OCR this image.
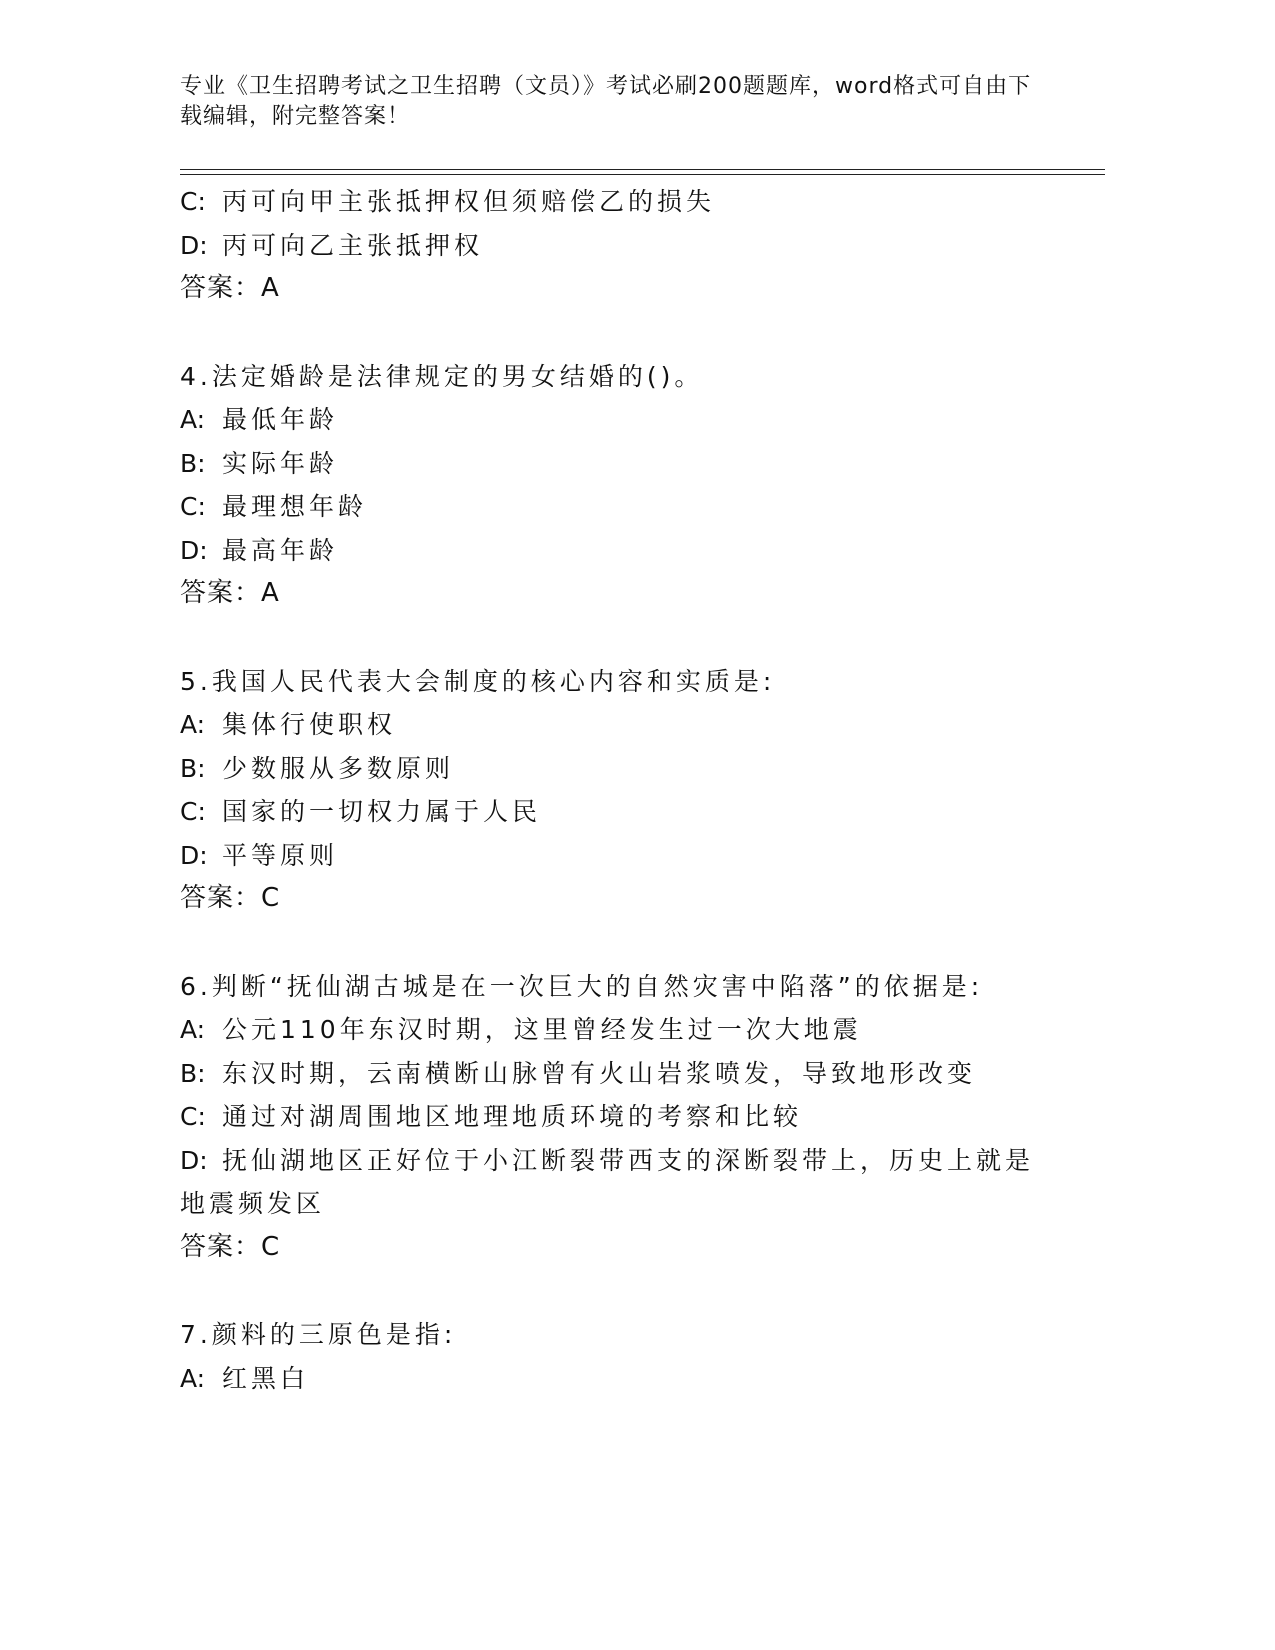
专业《卫生招聘考试之卫生招聘（文员）》考试必刷200题题库，word格式可自由下载编辑，附完整答案！

C: 丙可向甲主张抵押权但须赔偿乙的损失

D: 丙可向乙主张抵押权

答案：A

4.法定婚龄是法律规定的男女结婚的()。

A: 最低年龄

B: 实际年龄

C: 最理想年龄

D: 最高年龄

答案：A

5.我国人民代表大会制度的核心内容和实质是:

A: 集体行使职权

B: 少数服从多数原则

C: 国家的一切权力属于人民

D: 平等原则

答案：C

6.判断“抚仙湖古城是在一次巨大的自然灾害中陷落”的依据是:

A: 公元110年东汉时期，这里曾经发生过一次大地震

B: 东汉时期，云南横断山脉曾有火山岩浆喷发，导致地形改变

C: 通过对湖周围地区地理地质环境的考察和比较

D: 抚仙湖地区正好位于小江断裂带西支的深断裂带上，历史上就是地震频发区

答案：C

7.颜料的三原色是指:

A: 红黑白
